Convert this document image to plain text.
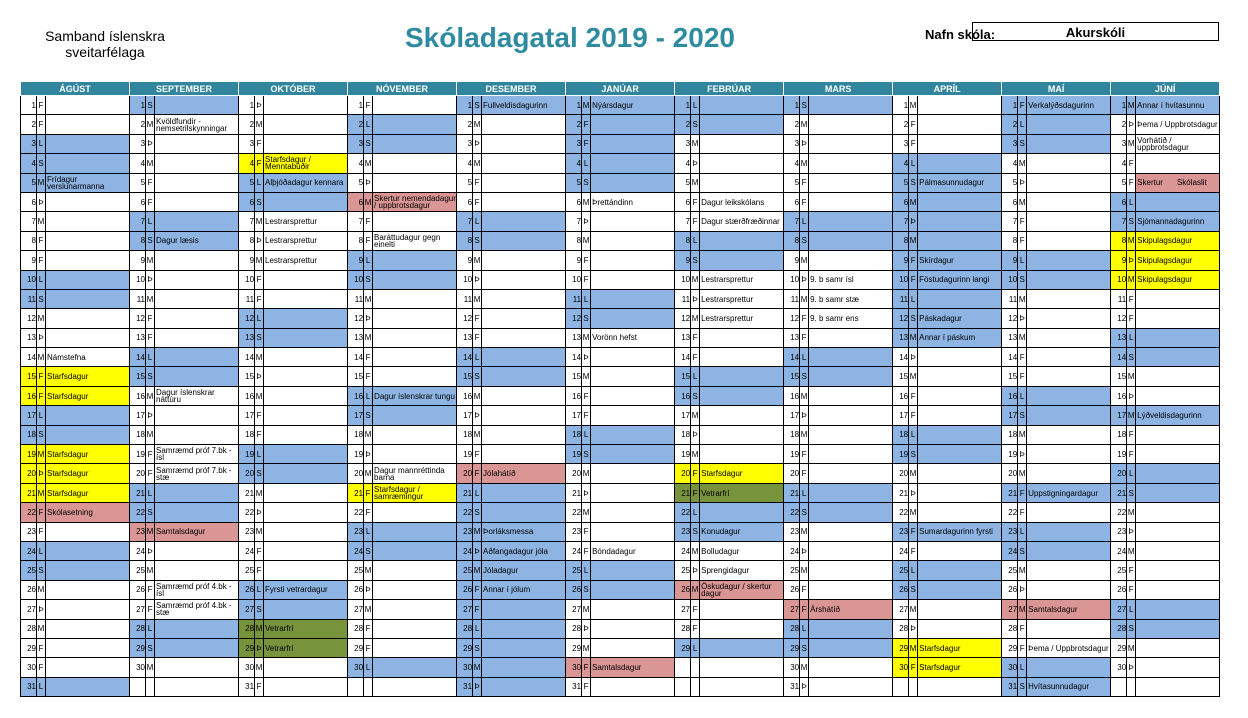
Samband íslenskra
sveitarfélaga	Skóladagatal 2019 - 2020	Nafn skóla:	Akurskóli
ÁGÚST			SEPTEMBER			OKTÓBER			NÓVEMBER			DESEMBER			JANÚAR			FEBRÚAR			MARS			APRÍL			MAÍ			JÚNÍ		
1	F		1	S		1	Þ		1	F		1	S	Fullveldisdagurinn	1	M	Nýársdagur	1	L		1	S		1	M		1	F	Verkalýðsdagurinn	1	M	Annar í hvítasunnu
2	F		2	M	Kvöldfundir - nemsetrilskynningar	2	M		2	L		2	M		2	F		2	S		2	M		2	F		2	L		2	Þ	Þema / Uppbrotsdagur
3	L		3	Þ		3	F		3	S		3	Þ		3	F		3	M		3	Þ		3	F		3	S		3	M	Vorhátíð / uppbrotsdagur
4	S		4	M		4	F	Starfsdagur / Menntabúðir	4	M		4	M		4	L		4	Þ		4	M		4	L		4	M		4	F	
5	M	Frídagur verslunarmanna	5	F		5	L	Alþjóðadagur kennara	5	Þ		5	F		5	S		5	M		5	F		5	S	Pálmasunnudagur	5	Þ		5	F	Skertur Skólaslit
6	Þ		6	F		6	S		6	M	Skertur nemendadagur / uppbrotsdagur	6	F		6	M	Þrettándinn	6	F	Dagur leikskólans	6	F		6	M		6	M		6	L	
7	M		7	L		7	M	Lestrarsprettur	7	F		7	L		7	Þ		7	F	Dagur stærðfræðinnar	7	L		7	Þ		7	F		7	S	Sjómannadagurinn
8	F		8	S	Dagur læsis	8	Þ	Lestrarsprettur	8	F	Baráttudagur gegn einelti	8	S		8	M		8	L		8	S		8	M		8	F		8	M	Skipulagsdagur
9	F		9	M		9	M	Lestrarsprettur	9	L		9	M		9	F		9	S		9	M		9	F	Skírdagur	9	L		9	Þ	Skipulagsdagur
10	L		10	Þ		10	F		10	S		10	Þ		10	F		10	M	Lestrarsprettur	10	Þ	9. b samr ísl	10	F	Föstudagurinn langi	10	S		10	M	Skipulagsdagur
11	S		11	M		11	F		11	M		11	M		11	L		11	Þ	Lestrarsprettur	11	M	9. b samr stæ	11	L		11	M		11	F	
12	M		12	F		12	L		12	Þ		12	F		12	S		12	M	Lestrarsprettur	12	F	9. b samr ens	12	S	Páskadagur	12	Þ		12	F	
13	Þ		13	F		13	S		13	M		13	F		13	M	Vorönn hefst	13	F		13	F		13	M	Annar í páskum	13	M		13	L	
14	M	Námstefna	14	L		14	M		14	F		14	L		14	Þ		14	F		14	L		14	Þ		14	F		14	S	
15	F	Starfsdagur	15	S		15	Þ		15	F		15	S		15	M		15	L		15	S		15	M		15	F		15	M	
16	F	Starfsdagur	16	M	Dagur íslenskrar náttúru	16	M		16	L	Dagur íslenskrar tungu	16	M		16	F		16	S		16	M		16	F		16	L		16	Þ	
17	L		17	Þ		17	F		17	S		17	Þ		17	F		17	M		17	Þ		17	F		17	S		17	M	Lýðveldisdagurinn
18	S		18	M		18	F		18	M		18	M		18	L		18	Þ		18	M		18	L		18	M		18	F	
19	M	Starfsdagur	19	F	Samræmd próf 7.bk - ísl	19	L		19	Þ		19	F		19	S		19	M		19	F		19	S		19	Þ		19	F	
20	Þ	Starfsdagur	20	F	Samræmd próf 7.bk - stæ	20	S		20	M	Dagur mannréttinda barna	20	F	Jólahátíð	20	M		20	F	Starfsdagur	20	F		20	M		20	M		20	L	
21	M	Starfsdagur	21	L		21	M		21	F	Starfsdagur / samræmingur	21	L		21	Þ		21	F	Vetrarfrí	21	L		21	Þ		21	F	Uppstigningardagur	21	S	
22	F	Skólasetning	22	S		22	Þ		22	F		22	S		22	M		22	L		22	S		22	M		22	F		22	M	
23	F		23	M	Samtalsdagur	23	M		23	L		23	M	Þorláksmessa	23	F		23	S	Konudagur	23	M		23	F	Sumardagurinn fyrsti	23	L		23	Þ	
24	L		24	Þ		24	F		24	S		24	Þ	Aðfangadagur jóla	24	F	Bóndadagur	24	M	Bolludagur	24	Þ		24	F		24	S		24	M	
25	S		25	M		25	F		25	M		25	M	Jóladagur	25	L		25	Þ	Sprengidagur	25	M		25	L		25	M		25	F	
26	M		26	F	Samræmd próf 4.bk - ísl	26	L	Fyrsti vetrardagur	26	Þ		26	F	Annar í jólum	26	S		26	M	Öskudagur / skertur dagur	26	F		26	S		26	Þ		26	F	
27	Þ		27	F	Samræmd próf 4.bk - stæ	27	S		27	M		27	F		27	M		27	F		27	F	Árshátíð	27	M		27	M	Samtalsdagur	27	L	
28	M		28	L		28	M	Vetrarfrí	28	F		28	L		28	Þ		28	F		28	L		28	Þ		28	F		28	S	
29	F		29	S		29	Þ	Vetrarfrí	29	F		29	S		29	M		29	L		29	S		29	M	Starfsdagur	29	F	Þema / Uppbrotsdagur	29	M	
30	F		30	M		30	M		30	L		30	M		30	F	Samtalsdagur				30	M		30	F	Starfsdagur	30	L		30	Þ	
31	L					31	F					31	Þ		31	F					31	Þ					31	S	Hvítasunnudagur			
